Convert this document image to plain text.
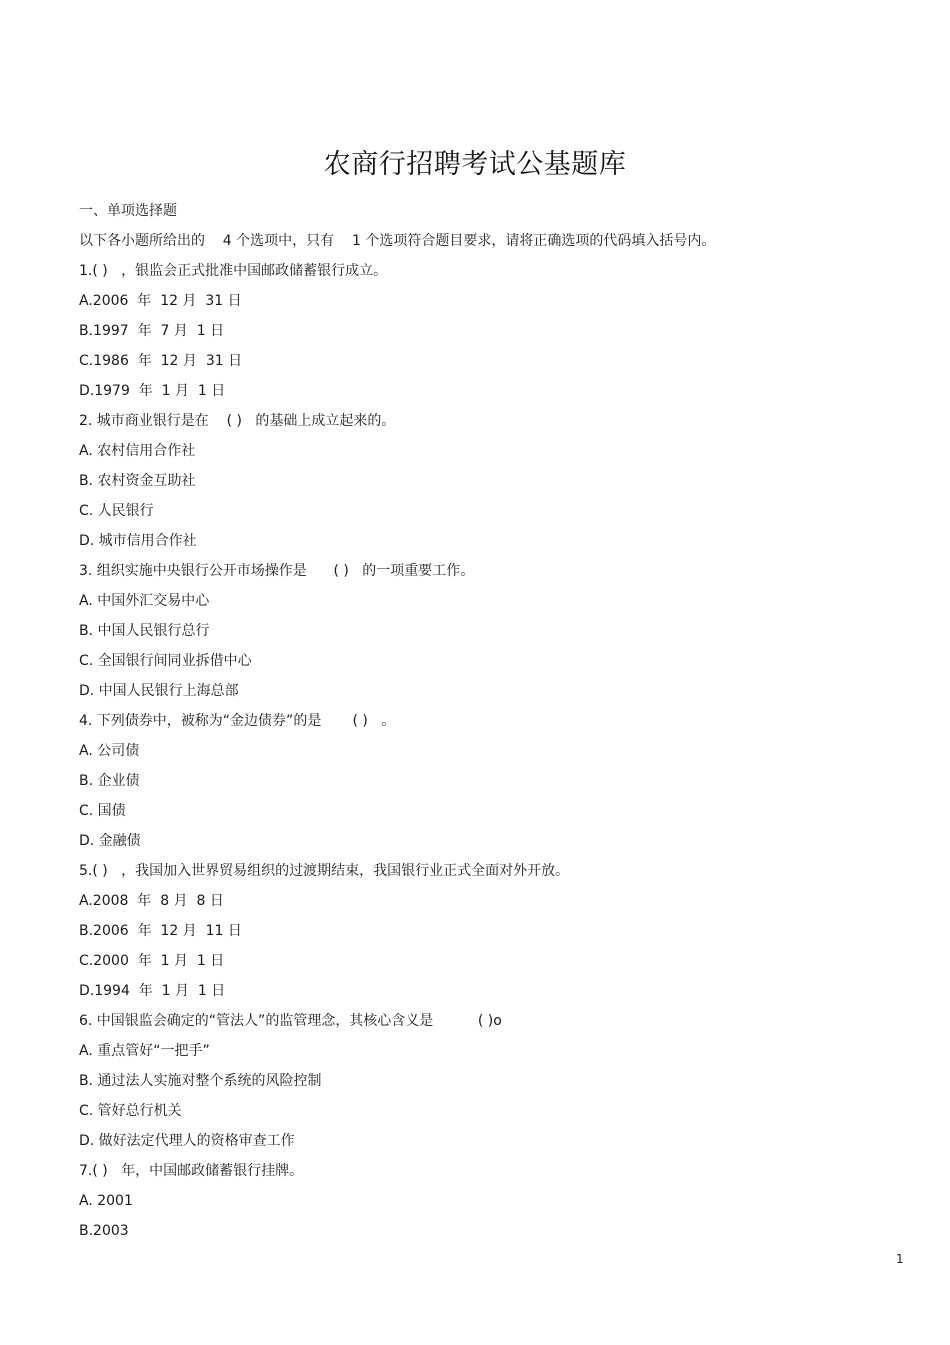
农商行招聘考试公基题库
一、单项选择题
以下各小题所给出的    4 个选项中，只有    1 个选项符合题目要求，请将正确选项的代码填入括号内。
1.( )   ，银监会正式批准中国邮政储蓄银行成立。
A.2006  年  12 月  31 日
B.1997  年  7 月  1 日
C.1986  年  12 月  31 日
D.1979  年  1 月  1 日
2. 城市商业银行是在    ( )   的基础上成立起来的。
A. 农村信用合作社
B. 农村资金互助社
C. 人民银行
D. 城市信用合作社
3. 组织实施中央银行公开市场操作是      ( )   的一项重要工作。
A. 中国外汇交易中心
B. 中国人民银行总行
C. 全国银行间同业拆借中心
D. 中国人民银行上海总部
4. 下列债券中，被称为“金边债券”的是       ( )   。
A. 公司债
B. 企业债
C. 国债
D. 金融债
5.( )   ，我国加入世界贸易组织的过渡期结束，我国银行业正式全面对外开放。
A.2008  年  8 月  8 日
B.2006  年  12 月  11 日
C.2000  年  1 月  1 日
D.1994  年  1 月  1 日
6. 中国银监会确定的“管法人”的监管理念，其核心含义是          ( )o
A. 重点管好“一把手”
B. 通过法人实施对整个系统的风险控制
C. 管好总行机关
D. 做好法定代理人的资格审查工作
7.( )   年，中国邮政储蓄银行挂牌。
A. 2001
B.2003
1
